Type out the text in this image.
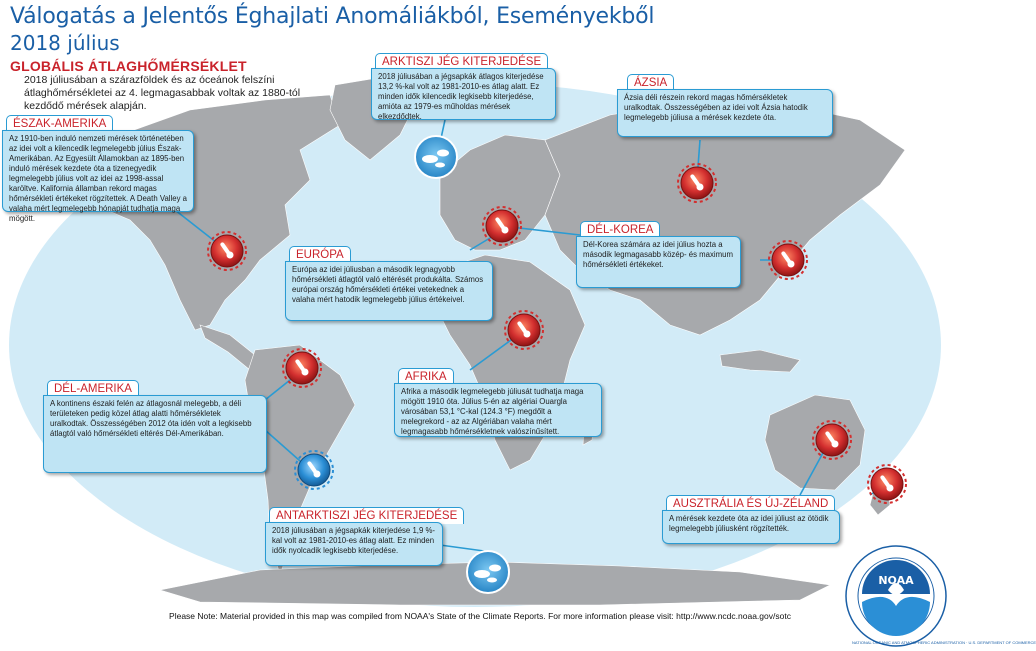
Válogatás a Jelentős Éghajlati Anomáliákból, Eseményekből
2018 július
GLOBÁLIS ÁTLAGHŐMÉRSÉKLET
2018 júliusában a szárazföldek és az óceánok felszíni átlaghőmérsékletei az 4. legmagasabbak voltak az 1880-tól kezdődő mérések alapján.
ÉSZAK-AMERIKA
Az 1910-ben induló nemzeti mérések történetében az idei volt a kilencedik legmelegebb július Észak-Amerikában. Az Egyesült Államokban az 1895-ben induló mérések kezdete óta a tizenegyedik legmelegebb július volt az idei az 1998-assal karöltve. Kalifornia államban rekord magas hőmérsékleti értékeket rögzítettek. A Death Valley a valaha mért legmelegebb hónapját tudhatja maga mögött.
ARKTISZI JÉG KITERJEDÉSE
2018 júliusában a jégsapkák átlagos kiterjedése 13,2 %-kal volt az 1981-2010-es átlag alatt. Ez minden idők kilencedik legkisebb kiterjedése, amióta az 1979-es műholdas mérések elkezdődtek.
ÁZSIA
Ázsia déli részein rekord magas hőmérsékletek uralkodtak. Összességében az idei volt Ázsia hatodik legmelegebb júliusa a mérések kezdete óta.
DÉL-KOREA
Dél-Korea számára az idei július hozta a második legmagasabb közép- és maximum hőmérsékleti értékeket.
EURÓPA
Európa az idei júliusban a második legnagyobb hőmérsékleti átlagtól való eltérését produkálta. Számos európai ország hőmérsékleti értékei vetekednek a valaha mért hatodik legmelegebb július értékeivel.
DÉL-AMERIKA
A kontinens északi felén az átlagosnál melegebb, a déli területeken pedig közel átlag alatti hőmérsékletek uralkodtak. Összességében 2012 óta idén volt a legkisebb átlagtól való hőmérsékleti eltérés Dél-Amerikában.
AFRIKA
Afrika a második legmelegebb júliusát tudhatja maga mögött 1910 óta. Július 5-én az algériai Ouargla városában 53,1 °C-kal (124.3 °F) megdőlt a melegrekord - az az Algériában valaha mért legmagasabb hőmérsékletnek valószínűsített.
ANTARKTISZI JÉG KITERJEDÉSE
2018 júliusában a jégsapkák kiterjedése 1,9 %-kal volt az 1981-2010-es átlag alatt. Ez minden idők nyolcadik legkisebb kiterjedése.
AUSZTRÁLIA ÉS ÚJ-ZÉLAND
A mérések kezdete óta az idei júliust az ötödik legmelegebb júliusként rögzítették.
NOAA
NATIONAL OCEANIC AND ATMOSPHERIC ADMINISTRATION · U.S. DEPARTMENT OF COMMERCE
Please Note: Material provided in this map was compiled from NOAA's State of the Climate Reports. For more information please visit: http://www.ncdc.noaa.gov/sotc
